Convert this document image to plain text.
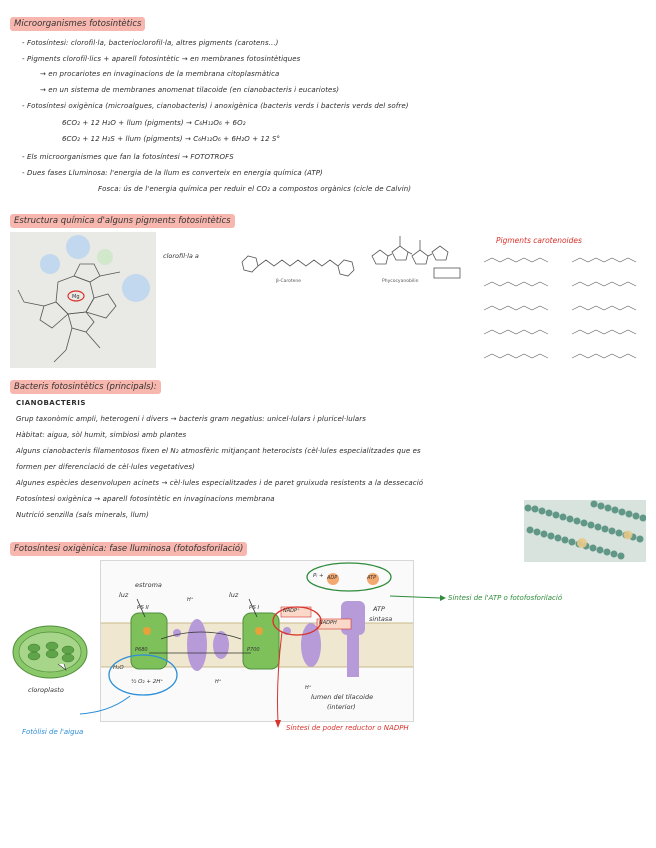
Microorganismes fotosintètics
- Fotosíntesi: clorofil·la, bacterioclorofil·la, altres pigments (carotens...)
- Pigments clorofíl·lics + aparell fotosintètic → en membranes fotosintètiques
→ en procariotes en invaginacions de la membrana citoplasmàtica
→ en un sistema de membranes anomenat tilacoide (en cianobacteris i eucariotes)
- Fotosíntesi oxigènica (microalgues, cianobacteris) i anoxigènica (bacteris verds i bacteris verds del sofre)
6CO₂ + 12 H₂O + llum (pigments) → C₆H₁₂O₆ + 6O₂
6CO₂ + 12 H₂S + llum (pigments) → C₆H₁₂O₆ + 6H₂O + 12 S°
- Els microorganismes que fan la fotosíntesi → FOTOTROFS
- Dues fases Lluminosa: l'energia de la llum es converteix en energia química (ATP)
Fosca: ús de l'energia química per reduir el CO₂ a compostos orgànics (cicle de Calvin)
Estructura química d'alguns pigments fotosintètics
Mg
clorofil·la a
β-Carotene	Phycocyanobilin
Pigments carotenoides
Bacteris fotosintètics (principals):
CIANOBACTERIS
Grup taxonòmic ampli, heterogeni i divers → bacteris gram negatius: unicel·lulars i pluricel·lulars
Hàbitat: aigua, sòl humit, simbiosi amb plantes
Alguns cianobacteris filamentosos fixen el N₂ atmosfèric mitjançant heterocists (cèl·lules especialitzades que es
formen per diferenciació de cèl·lules vegetatives)
Algunes espècies desenvolupen acinets → cèl·lules especialitzades i de paret gruixuda resistents a la dessecació
Fotosíntesi oxigènica → aparell fotosintètic en invaginacions membrana
Nutrició senzilla (sals minerals, llum)
Fotosíntesi oxigènica: fase lluminosa (fotofosforilació)
cloroplasto
estroma
luz	luz
PS II	PS I
P680	P700
H₂O
½ O₂ + 2H⁺
Pᵢ + ADP	ATP
NADP⁺
NADPH
ATP
sintasa
H⁺
H⁺
H⁺
lumen del tilacoide
(interior)
Síntesi de l'ATP o fotofosforilació
Síntesi de poder reductor o NADPH
Fotòlisi de l'aigua
